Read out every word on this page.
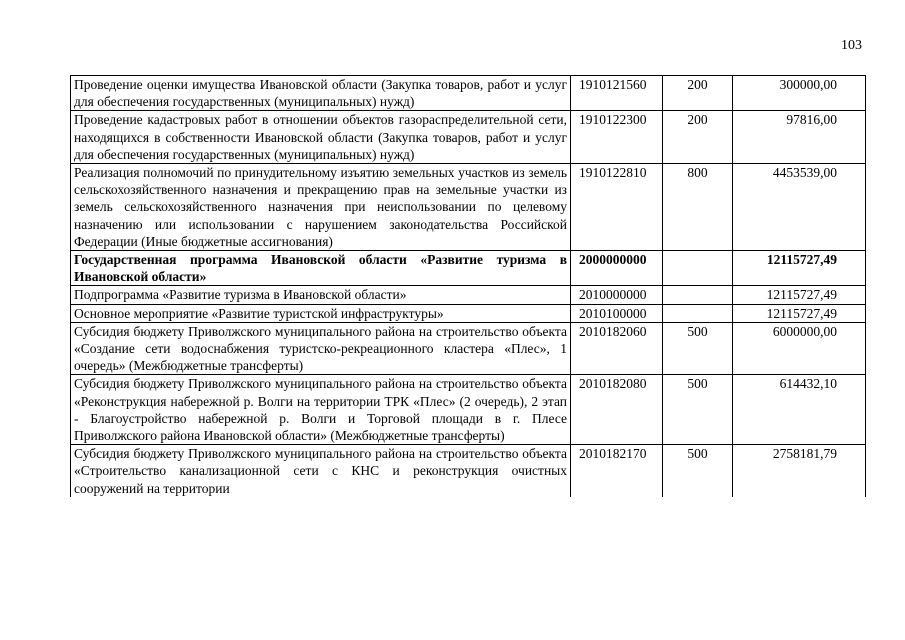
103
Проведение оценки имущества Ивановской области (Закупка товаров, работ и услуг для обеспечения государственных (муниципальных) нужд)	1910121560	200	300000,00
Проведение кадастровых работ в отношении объектов газораспределительной сети, находящихся в собственности Ивановской области (Закупка товаров, работ и услуг для обеспечения государственных (муниципальных) нужд)	1910122300	200	97816,00
Реализация полномочий по принудительному изъятию земельных участков из земель сельскохозяйственного назначения и прекращению прав на земельные участки из земель сельскохозяйственного назначения при неиспользовании по целевому назначению или использовании с нарушением законодательства Российской Федерации (Иные бюджетные ассигнования)	1910122810	800	4453539,00
Государственная программа Ивановской области «Развитие туризма в Ивановской области»	2000000000		12115727,49
Подпрограмма «Развитие туризма в Ивановской области»	2010000000		12115727,49
Основное мероприятие «Развитие туристской инфраструктуры»	2010100000		12115727,49
Субсидия бюджету Приволжского муниципального района на строительство объекта «Создание сети водоснабжения туристско-рекреационного кластера «Плес», 1 очередь» (Межбюджетные трансферты)	2010182060	500	6000000,00
Субсидия бюджету Приволжского муниципального района на строительство объекта «Реконструкция набережной р. Волги на территории ТРК «Плес» (2 очередь), 2 этап - Благоустройство набережной р. Волги и Торговой площади в г. Плесе Приволжского района Ивановской области» (Межбюджетные трансферты)	2010182080	500	614432,10
Субсидия бюджету Приволжского муниципального района на строительство объекта «Строительство канализационной сети с КНС и реконструкция очистных сооружений на территории	2010182170	500	2758181,79
